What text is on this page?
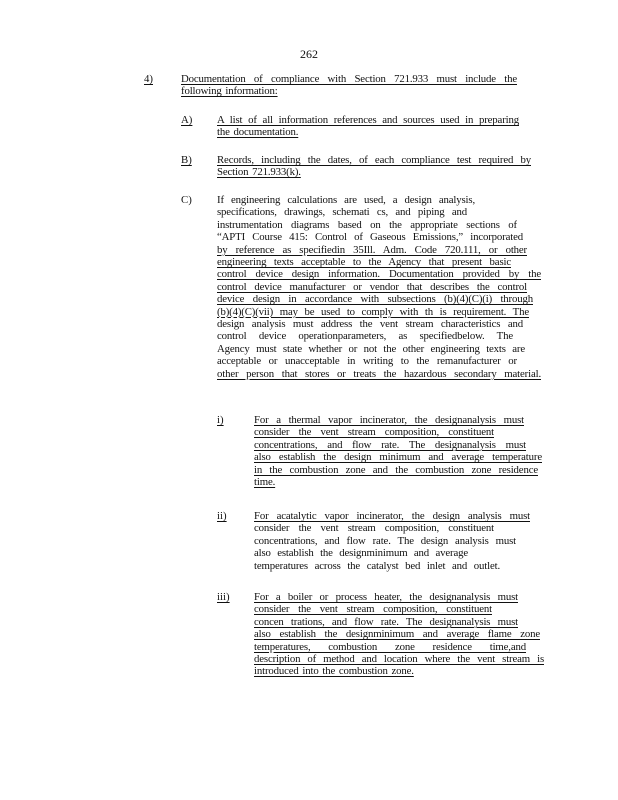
262
4)	Documentation of compliance with Section 721.933 must include the
following information:
A) A list of all information references and sources used in preparing
the documentation.
B) Records, including the dates, of each compliance test required by
Section 721.933(k).
C) If engineering calculations are used, a design analysis,
specifications, drawings, schemati cs, and piping and
instrumentation diagrams based on the appropriate sections of
“APTI Course 415: Control of Gaseous Emissions,” incorporated
by reference as specifiedin 35Ill. Adm. Code 720.111, or other
engineering texts acceptable to the Agency that present basic
control device design information. Documentation provided by the
control device manufacturer or vendor that describes the control
device design in accordance with subsections (b)(4)(C)(i) through
(b)(4)(C)(vii) may be used to comply with th is requirement. The
design analysis must address the vent stream characteristics and
control device operationparameters, as specifiedbelow. The
Agency must state whether or not the other engineering texts are
acceptable or unacceptable in writing to the remanufacturer or
other person that stores or treats the hazardous secondary material.
i)	For a thermal vapor incinerator, the designanalysis must
consider the vent stream composition, constituent
concentrations, and flow rate. The designanalysis must
also establish the design minimum and average temperature
in the combustion zone and the combustion zone residence
time.
ii)	For acatalytic vapor incinerator, the design analysis must
consider the vent stream composition, constituent
concentrations, and flow rate. The design analysis must
also establish the designminimum and average
temperatures across the catalyst bed inlet and outlet.
iii) For a boiler or process heater, the designanalysis must
consider the vent stream composition, constituent
concen trations, and flow rate. The designanalysis must
also establish the designminimum and average flame zone
temperatures, combustion zone residence time,and
description of method and location where the vent stream is
introduced into the combustion zone.
